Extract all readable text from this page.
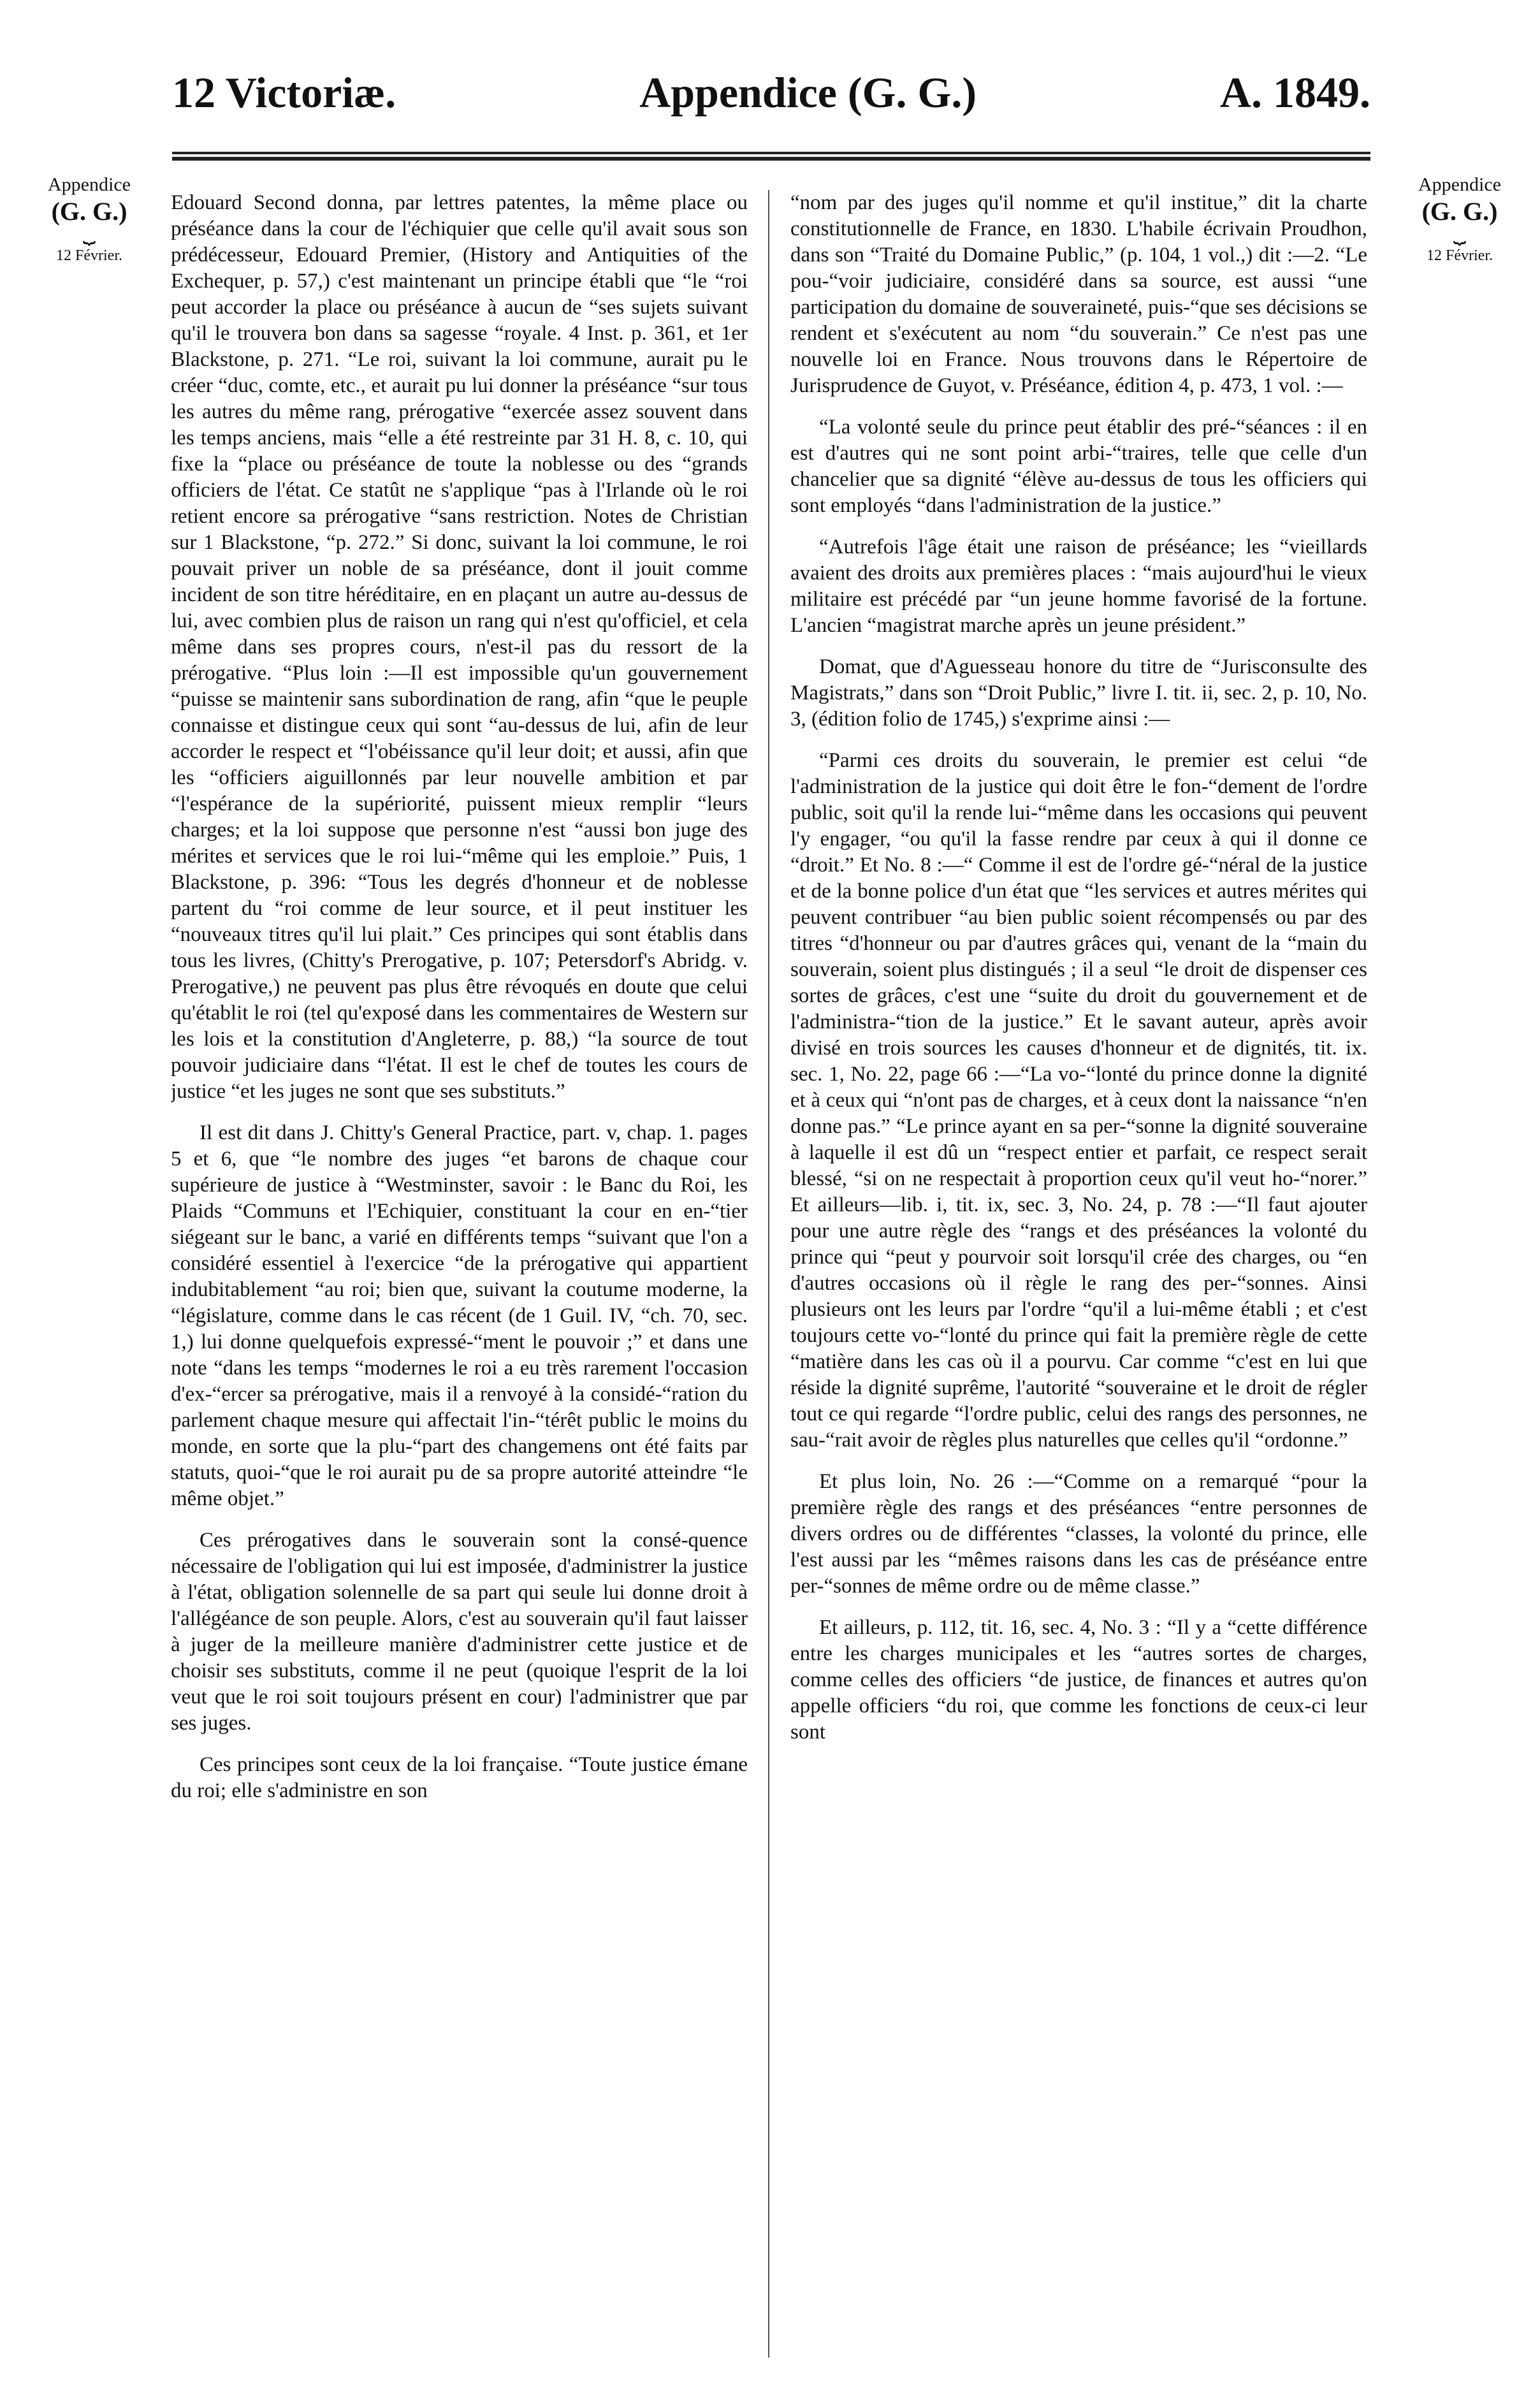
12 Victoriæ.	Appendice (G. G.)	A. 1849.
Appendice
(G. G.)
⏟
12 Février.
Appendice
(G. G.)
⏟
12 Février.

Edouard Second donna, par lettres patentes, la même place ou préséance dans la cour de l'échiquier que celle qu'il avait sous son prédécesseur, Edouard Premier, (History and Antiquities of the Exchequer, p. 57,) c'est maintenant un principe établi que “le “roi peut accorder la place ou préséance à aucun de “ses sujets suivant qu'il le trouvera bon dans sa sagesse “royale. 4 Inst. p. 361, et 1er Blackstone, p. 271. “Le roi, suivant la loi commune, aurait pu le créer “duc, comte, etc., et aurait pu lui donner la préséance “sur tous les autres du même rang, prérogative “exercée assez souvent dans les temps anciens, mais “elle a été restreinte par 31 H. 8, c. 10, qui fixe la “place ou préséance de toute la noblesse ou des “grands officiers de l'état. Ce statût ne s'applique “pas à l'Irlande où le roi retient encore sa prérogative “sans restriction. Notes de Christian sur 1 Blackstone, “p. 272.” Si donc, suivant la loi commune, le roi pouvait priver un noble de sa préséance, dont il jouit comme incident de son titre héréditaire, en en plaçant un autre au-dessus de lui, avec combien plus de raison un rang qui n'est qu'officiel, et cela même dans ses propres cours, n'est-il pas du ressort de la prérogative. “Plus loin :—Il est impossible qu'un gouvernement “puisse se maintenir sans subordination de rang, afin “que le peuple connaisse et distingue ceux qui sont “au-dessus de lui, afin de leur accorder le respect et “l'obéissance qu'il leur doit; et aussi, afin que les “officiers aiguillonnés par leur nouvelle ambition et par “l'espérance de la supériorité, puissent mieux remplir “leurs charges; et la loi suppose que personne n'est “aussi bon juge des mérites et services que le roi lui-“même qui les emploie.” Puis, 1 Blackstone, p. 396: “Tous les degrés d'honneur et de noblesse partent du “roi comme de leur source, et il peut instituer les “nouveaux titres qu'il lui plait.” Ces principes qui sont établis dans tous les livres, (Chitty's Prerogative, p. 107; Petersdorf's Abridg. v. Prerogative,) ne peuvent pas plus être révoqués en doute que celui qu'établit le roi (tel qu'exposé dans les commentaires de Western sur les lois et la constitution d'Angleterre, p. 88,) “la source de tout pouvoir judiciaire dans “l'état. Il est le chef de toutes les cours de justice “et les juges ne sont que ses substituts.”

Il est dit dans J. Chitty's General Practice, part. v, chap. 1. pages 5 et 6, que “le nombre des juges “et barons de chaque cour supérieure de justice à “Westminster, savoir : le Banc du Roi, les Plaids “Communs et l'Echiquier, constituant la cour en en-“tier siégeant sur le banc, a varié en différents temps “suivant que l'on a considéré essentiel à l'exercice “de la prérogative qui appartient indubitablement “au roi; bien que, suivant la coutume moderne, la “législature, comme dans le cas récent (de 1 Guil. IV, “ch. 70, sec. 1,) lui donne quelquefois expressé-“ment le pouvoir ;” et dans une note “dans les temps “modernes le roi a eu très rarement l'occasion d'ex-“ercer sa prérogative, mais il a renvoyé à la considé-“ration du parlement chaque mesure qui affectait l'in-“térêt public le moins du monde, en sorte que la plu-“part des changemens ont été faits par statuts, quoi-“que le roi aurait pu de sa propre autorité atteindre “le même objet.”

Ces prérogatives dans le souverain sont la consé-quence nécessaire de l'obligation qui lui est imposée, d'administrer la justice à l'état, obligation solennelle de sa part qui seule lui donne droit à l'allégéance de son peuple. Alors, c'est au souverain qu'il faut laisser à juger de la meilleure manière d'administrer cette justice et de choisir ses substituts, comme il ne peut (quoique l'esprit de la loi veut que le roi soit toujours présent en cour) l'administrer que par ses juges.

Ces principes sont ceux de la loi française. “Toute justice émane du roi; elle s'administre en son

“nom par des juges qu'il nomme et qu'il institue,” dit la charte constitutionnelle de France, en 1830. L'habile écrivain Proudhon, dans son “Traité du Domaine Public,” (p. 104, 1 vol.,) dit :—2. “Le pou-“voir judiciaire, considéré dans sa source, est aussi “une participation du domaine de souveraineté, puis-“que ses décisions se rendent et s'exécutent au nom “du souverain.” Ce n'est pas une nouvelle loi en France. Nous trouvons dans le Répertoire de Jurisprudence de Guyot, v. Préséance, édition 4, p. 473, 1 vol. :—

“La volonté seule du prince peut établir des pré-“séances : il en est d'autres qui ne sont point arbi-“traires, telle que celle d'un chancelier que sa dignité “élève au-dessus de tous les officiers qui sont employés “dans l'administration de la justice.”

“Autrefois l'âge était une raison de préséance; les “vieillards avaient des droits aux premières places : “mais aujourd'hui le vieux militaire est précédé par “un jeune homme favorisé de la fortune. L'ancien “magistrat marche après un jeune président.”

Domat, que d'Aguesseau honore du titre de “Jurisconsulte des Magistrats,” dans son “Droit Public,” livre I. tit. ii, sec. 2, p. 10, No. 3, (édition folio de 1745,) s'exprime ainsi :—

“Parmi ces droits du souverain, le premier est celui “de l'administration de la justice qui doit être le fon-“dement de l'ordre public, soit qu'il la rende lui-“même dans les occasions qui peuvent l'y engager, “ou qu'il la fasse rendre par ceux à qui il donne ce “droit.” Et No. 8 :—“ Comme il est de l'ordre gé-“néral de la justice et de la bonne police d'un état que “les services et autres mérites qui peuvent contribuer “au bien public soient récompensés ou par des titres “d'honneur ou par d'autres grâces qui, venant de la “main du souverain, soient plus distingués ; il a seul “le droit de dispenser ces sortes de grâces, c'est une “suite du droit du gouvernement et de l'administra-“tion de la justice.” Et le savant auteur, après avoir divisé en trois sources les causes d'honneur et de dignités, tit. ix. sec. 1, No. 22, page 66 :—“La vo-“lonté du prince donne la dignité et à ceux qui “n'ont pas de charges, et à ceux dont la naissance “n'en donne pas.” “Le prince ayant en sa per-“sonne la dignité souveraine à laquelle il est dû un “respect entier et parfait, ce respect serait blessé, “si on ne respectait à proportion ceux qu'il veut ho-“norer.” Et ailleurs—lib. i, tit. ix, sec. 3, No. 24, p. 78 :—“Il faut ajouter pour une autre règle des “rangs et des préséances la volonté du prince qui “peut y pourvoir soit lorsqu'il crée des charges, ou “en d'autres occasions où il règle le rang des per-“sonnes. Ainsi plusieurs ont les leurs par l'ordre “qu'il a lui-même établi ; et c'est toujours cette vo-“lonté du prince qui fait la première règle de cette “matière dans les cas où il a pourvu. Car comme “c'est en lui que réside la dignité suprême, l'autorité “souveraine et le droit de régler tout ce qui regarde “l'ordre public, celui des rangs des personnes, ne sau-“rait avoir de règles plus naturelles que celles qu'il “ordonne.”

Et plus loin, No. 26 :—“Comme on a remarqué “pour la première règle des rangs et des préséances “entre personnes de divers ordres ou de différentes “classes, la volonté du prince, elle l'est aussi par les “mêmes raisons dans les cas de préséance entre per-“sonnes de même ordre ou de même classe.”

Et ailleurs, p. 112, tit. 16, sec. 4, No. 3 : “Il y a “cette différence entre les charges municipales et les “autres sortes de charges, comme celles des officiers “de justice, de finances et autres qu'on appelle officiers “du roi, que comme les fonctions de ceux-ci leur sont
